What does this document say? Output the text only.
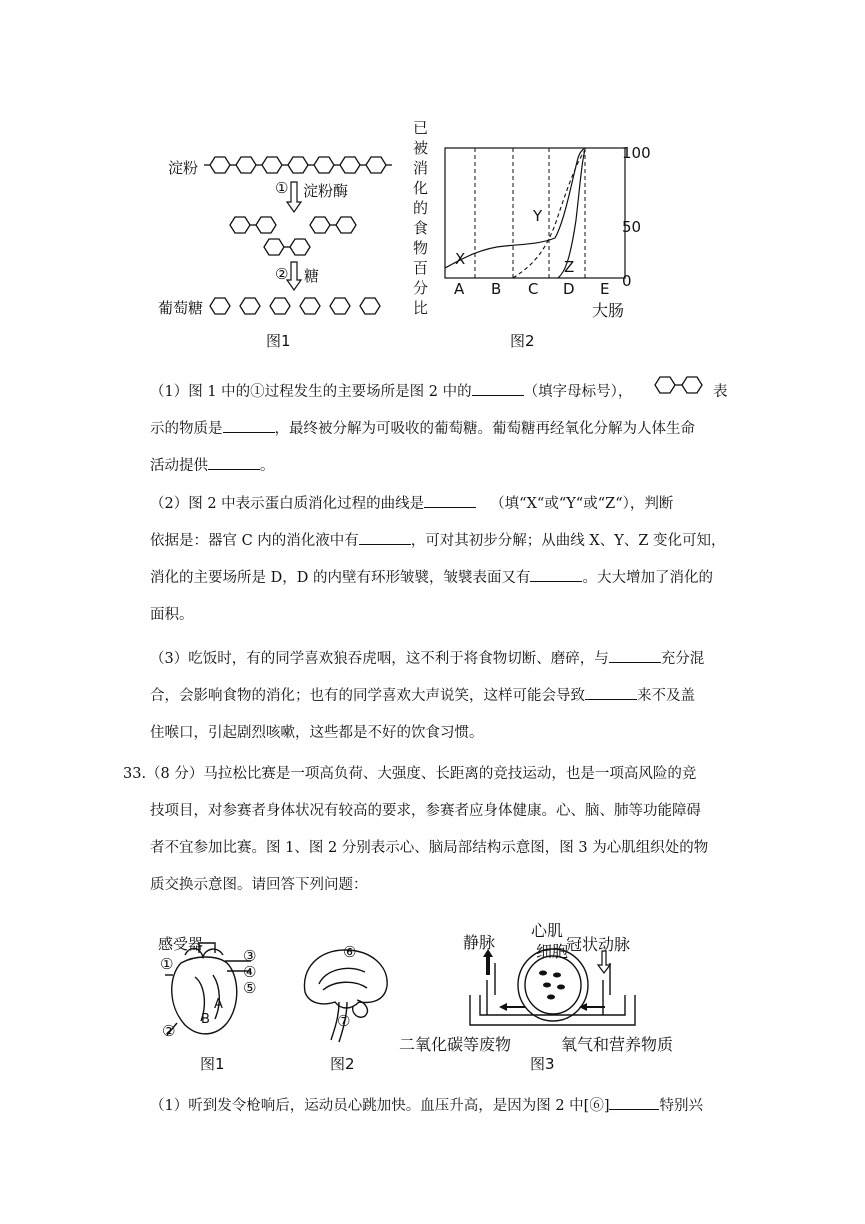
淀粉
① 淀粉酶
② 糖
葡萄糖
图1
已
被
消
化
的
食
物
百
分
比
100
50
0
X
Y
Z
A B C D E
大肠
图2
（1）图 1 中的①过程发生的主要场所是图 2 中的	（填字母标号），	表
示的物质是	，最终被分解为可吸收的葡萄糖。葡萄糖再经氧化分解为人体生命
活动提供	。
（2）图 2 中表示蛋白质消化过程的曲线是	（填“X“或“Y“或“Z“），判断
依据是：器官 C 内的消化液中有	，可对其初步分解；从曲线 X、Y、Z 变化可知，
消化的主要场所是 D，D 的内壁有环形皱襞，皱襞表面又有	。大大增加了消化的
面积。
（3）吃饭时，有的同学喜欢狼吞虎咽，这不利于将食物切断、磨碎，与	充分混
合，会影响食物的消化；也有的同学喜欢大声说笑，这样可能会导致	来不及盖
住喉口，引起剧烈咳嗽，这些都是不好的饮食习惯。
33.（8 分）马拉松比赛是一项高负荷、大强度、长距离的竞技运动，也是一项高风险的竞
技项目，对参赛者身体状况有较高的要求，参赛者应身体健康。心、脑、肺等功能障碍
者不宜参加比赛。图 1、图 2 分别表示心、脑局部结构示意图，图 3 为心肌组织处的物
质交换示意图。请回答下列问题：
感受器
①
②
③
④
⑤
A
B
图1
⑥
⑦
图2
静脉
心肌
细胞
冠状动脉
二氧化碳等废物	氧气和营养物质
图3
（1）听到发令枪响后，运动员心跳加快。血压升高，是因为图 2 中[⑥]	特别兴
